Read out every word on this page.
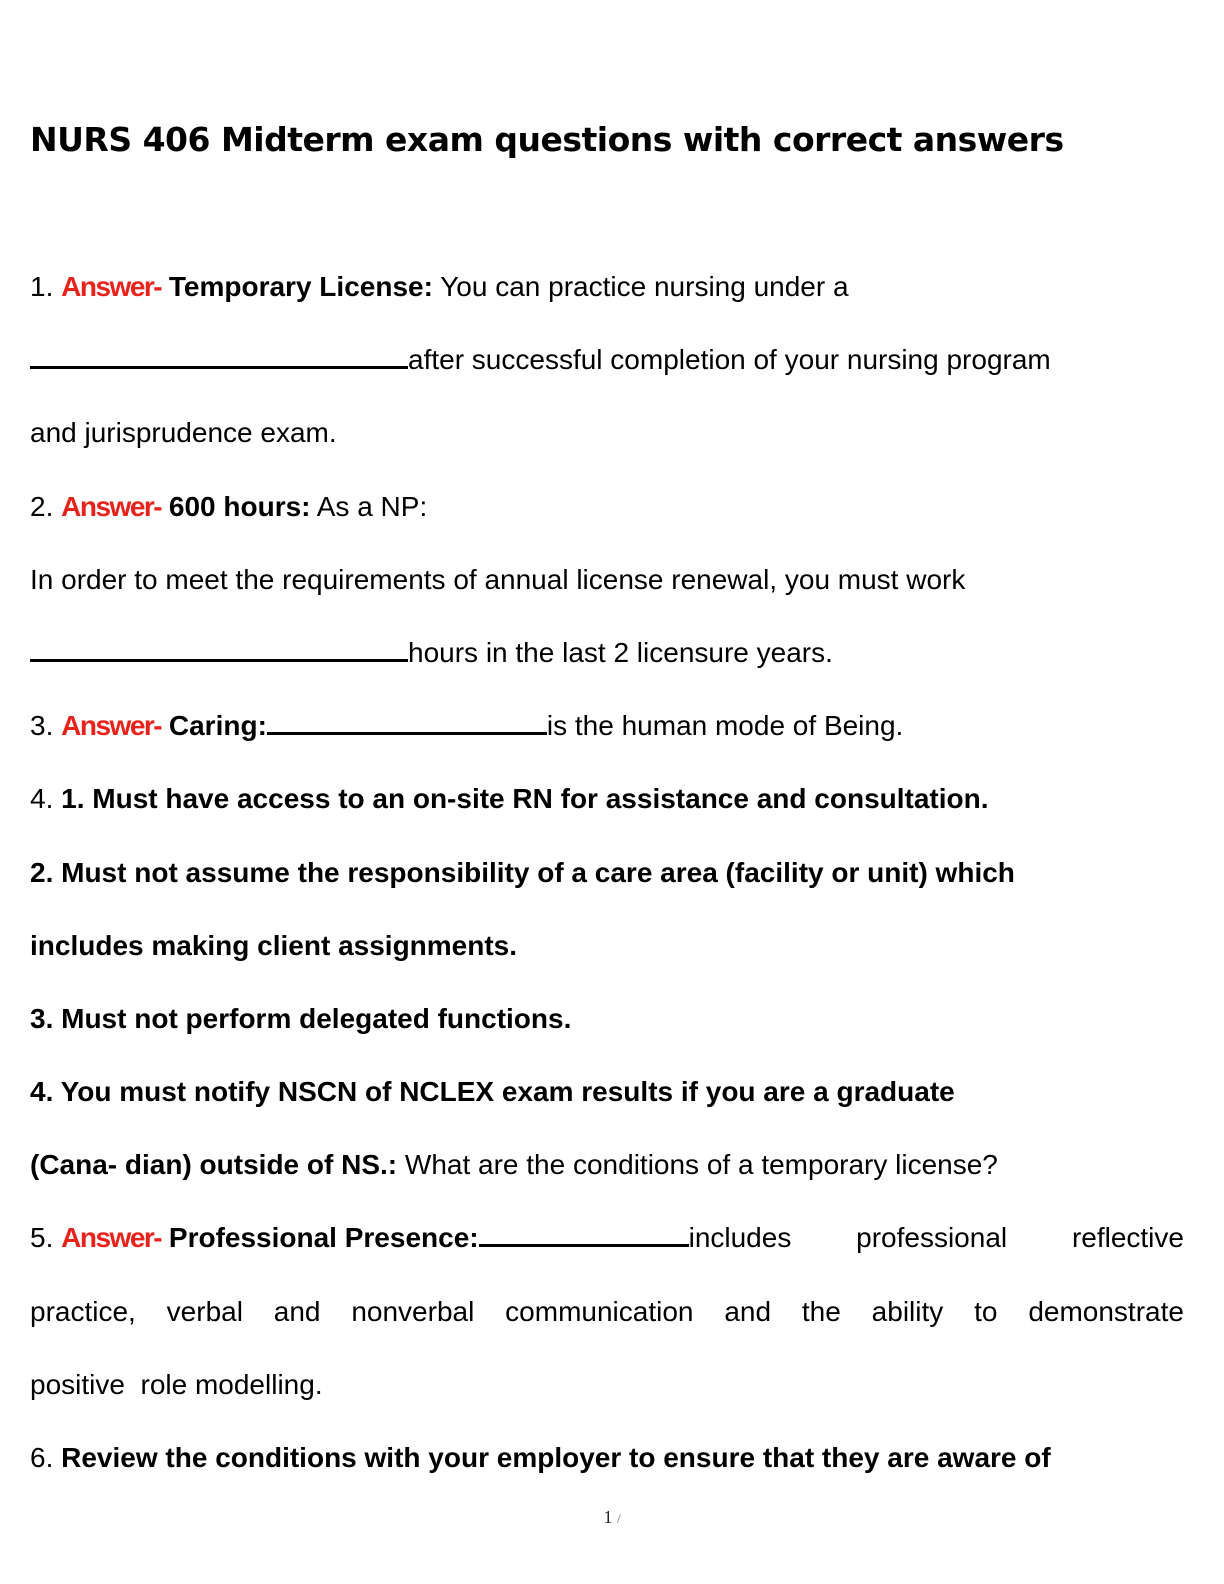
NURS 406 Midterm exam questions with correct answers
1. Answer- Temporary License: You can practice nursing under a
after successful completion of your nursing program
and jurisprudence exam.
2. Answer- 600 hours: As a NP:
In order to meet the requirements of annual license renewal, you must work
hours in the last 2 licensure years.
3. Answer- Caring:	is the human mode of Being.
4. 1. Must have access to an on-site RN for assistance and consultation.
2. Must not assume the responsibility of a care area (facility or unit) which
includes making client assignments.
3. Must not perform delegated functions.
4. You must notify NSCN of NCLEX exam results if you are a graduate
(Cana- dian) outside of NS.: What are the conditions of a temporary license?
5. Answer- Professional Presence:	includes professional reflective
practice, verbal and nonverbal communication and the ability to demonstrate
positive  role modelling.
6. Review the conditions with your employer to ensure that they are aware of
1 /
